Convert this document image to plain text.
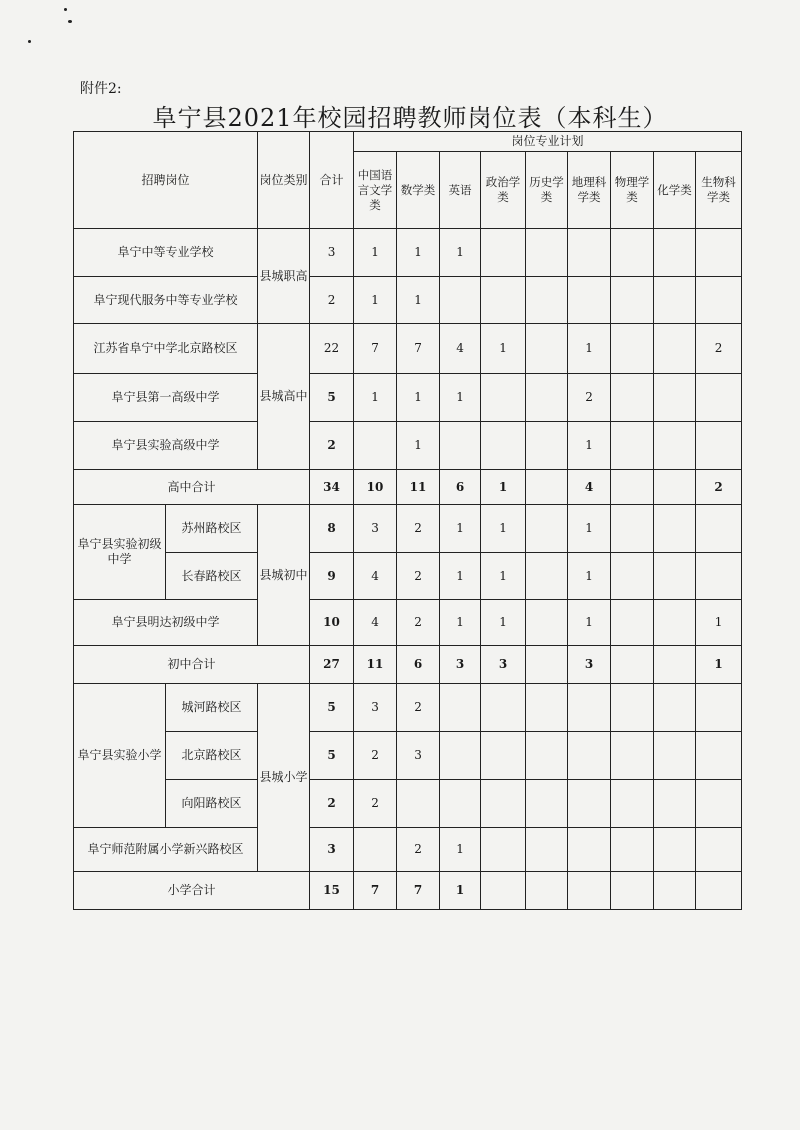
附件2:
阜宁县2021年校园招聘教师岗位表（本科生）
招聘岗位		岗位类别	合计	岗位专业计划								
				中国语言文学类	数学类	英语	政治学类	历史学类	地理科学类	物理学类	化学类	生物科学类
阜宁中等专业学校		县城职高	3	1	1	1						
阜宁现代服务中等专业学校			2	1	1							
江苏省阜宁中学北京路校区		县城高中	22	7	7	4	1		1			2
阜宁县第一高级中学			5	1	1	1			2			
阜宁县实验高级中学			2		1				1			
高中合计			34	10	11	6	1		4			2
阜宁县实验初级中学	苏州路校区	县城初中	8	3	2	1	1		1			
	长春路校区		9	4	2	1	1		1			
阜宁县明达初级中学			10	4	2	1	1		1			1
初中合计			27	11	6	3	3		3			1
阜宁县实验小学	城河路校区	县城小学	5	3	2							
	北京路校区		5	2	3							
	向阳路校区		2	2								
阜宁师范附属小学新兴路校区			3		2	1						
小学合计			15	7	7	1						
